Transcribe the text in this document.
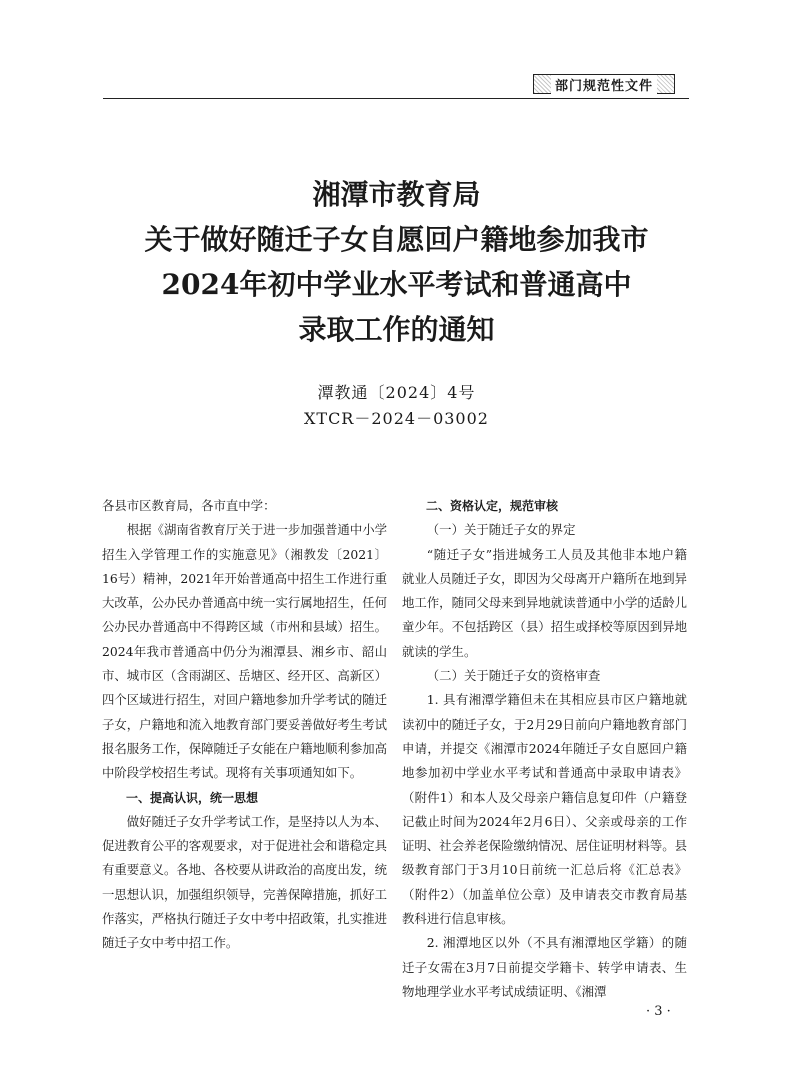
部门规范性文件
湘潭市教育局
关于做好随迁子女自愿回户籍地参加我市
2024年初中学业水平考试和普通高中
录取工作的通知
潭教通〔2024〕4号
XTCR－2024－03002

各县市区教育局，各市直中学：

根据《湖南省教育厅关于进一步加强普通中小学招生入学管理工作的实施意见》（湘教发〔2021〕16号）精神，2021年开始普通高中招生工作进行重大改革，公办民办普通高中统一实行属地招生，任何公办民办普通高中不得跨区域（市州和县域）招生。2024年我市普通高中仍分为湘潭县、湘乡市、韶山市、城市区（含雨湖区、岳塘区、经开区、高新区）四个区域进行招生，对回户籍地参加升学考试的随迁子女，户籍地和流入地教育部门要妥善做好考生考试报名服务工作，保障随迁子女能在户籍地顺利参加高中阶段学校招生考试。现将有关事项通知如下。

一、提高认识，统一思想

做好随迁子女升学考试工作，是坚持以人为本、促进教育公平的客观要求，对于促进社会和谐稳定具有重要意义。各地、各校要从讲政治的高度出发，统一思想认识，加强组织领导，完善保障措施，抓好工作落实，严格执行随迁子女中考中招政策，扎实推进随迁子女中考中招工作。

二、资格认定，规范审核

（一）关于随迁子女的界定

“随迁子女”指进城务工人员及其他非本地户籍就业人员随迁子女，即因为父母离开户籍所在地到异地工作，随同父母来到异地就读普通中小学的适龄儿童少年。不包括跨区（县）招生或择校等原因到异地就读的学生。

（二）关于随迁子女的资格审查

1. 具有湘潭学籍但未在其相应县市区户籍地就读初中的随迁子女，于2月29日前向户籍地教育部门申请，并提交《湘潭市2024年随迁子女自愿回户籍地参加初中学业水平考试和普通高中录取申请表》（附件1）和本人及父母亲户籍信息复印件（户籍登记截止时间为2024年2月6日）、父亲或母亲的工作证明、社会养老保险缴纳情况、居住证明材料等。县级教育部门于3月10日前统一汇总后将《汇总表》（附件2）（加盖单位公章）及申请表交市教育局基教科进行信息审核。

2. 湘潭地区以外（不具有湘潭地区学籍）的随迁子女需在3月7日前提交学籍卡、转学申请表、生物地理学业水平考试成绩证明、《湘潭

· 3 ·
